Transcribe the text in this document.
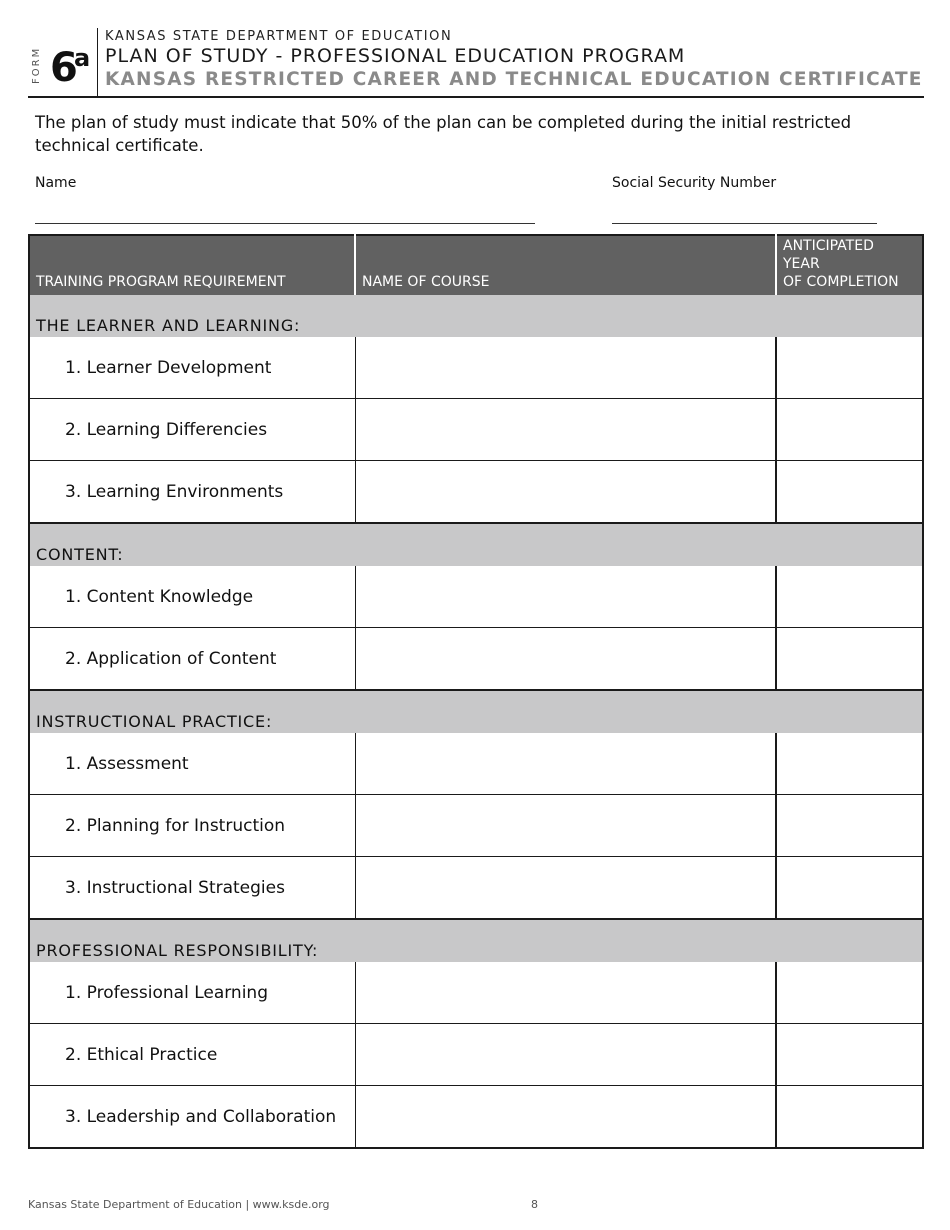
FORM 6
a
KANSAS STATE DEPARTMENT OF EDUCATION
PLAN OF STUDY - PROFESSIONAL EDUCATION PROGRAM
KANSAS RESTRICTED CAREER AND TECHNICAL EDUCATION CERTIFICATE
The plan of study must indicate that 50% of the plan can be completed during the initial restricted technical certificate.
Name	Social Security Number
TRAINING PROGRAM REQUIREMENT	NAME OF COURSE	ANTICIPATED
YEAR
OF COMPLETION
THE LEARNER AND LEARNING:		
1. Learner Development		
2. Learning Differencies		
3. Learning Environments		
CONTENT:		
1. Content Knowledge		
2. Application of Content		
INSTRUCTIONAL PRACTICE:		
1. Assessment		
2. Planning for Instruction		
3. Instructional Strategies		
PROFESSIONAL RESPONSIBILITY:		
1. Professional Learning		
2. Ethical Practice		
3. Leadership and Collaboration		
Kansas State Department of Education | www.ksde.org	8
